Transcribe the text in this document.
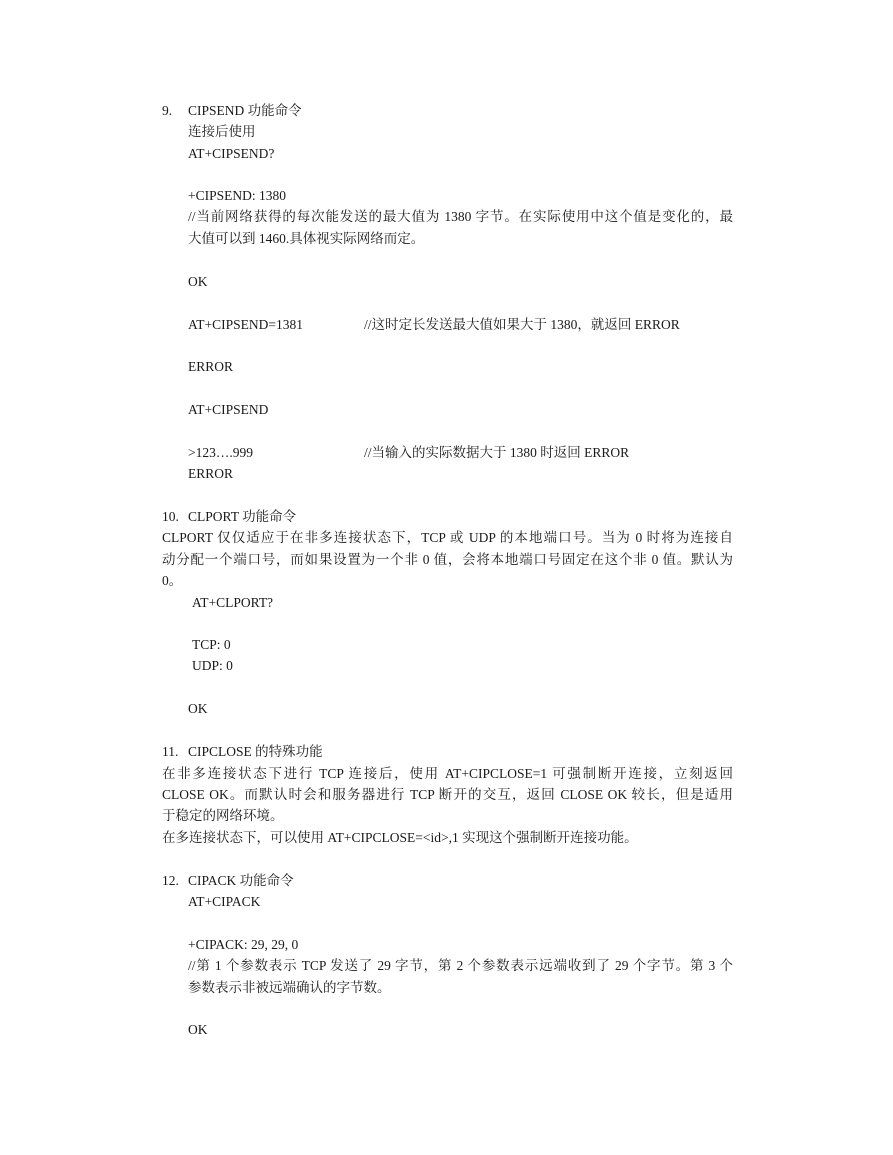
9. CIPSEND 功能命令
连接后使用
AT+CIPSEND?
+CIPSEND: 1380
//当前网络获得的每次能发送的最大值为 1380 字节。在实际使用中这个值是变化的，最
大值可以到 1460.具体视实际网络而定。
OK
AT+CIPSEND=1381	//这时定长发送最大值如果大于 1380，就返回 ERROR
ERROR
AT+CIPSEND
>123….999	//当输入的实际数据大于 1380 时返回 ERROR
ERROR
10. CLPORT 功能命令
CLPORT 仅仅适应于在非多连接状态下，TCP 或 UDP 的本地端口号。当为 0 时将为连接自
动分配一个端口号，而如果设置为一个非 0 值，会将本地端口号固定在这个非 0 值。默认为
0。
AT+CLPORT?
TCP: 0
UDP: 0
OK
11. CIPCLOSE 的特殊功能
在非多连接状态下进行 TCP 连接后，使用 AT+CIPCLOSE=1 可强制断开连接，立刻返回
CLOSE OK。而默认时会和服务器进行 TCP 断开的交互，返回 CLOSE OK 较长，但是适用
于稳定的网络环境。
在多连接状态下，可以使用 AT+CIPCLOSE=<id>,1 实现这个强制断开连接功能。
12. CIPACK 功能命令
AT+CIPACK
+CIPACK: 29, 29, 0
//第 1 个参数表示 TCP 发送了 29 字节，第 2 个参数表示远端收到了 29 个字节。第 3 个
参数表示非被远端确认的字节数。
OK
